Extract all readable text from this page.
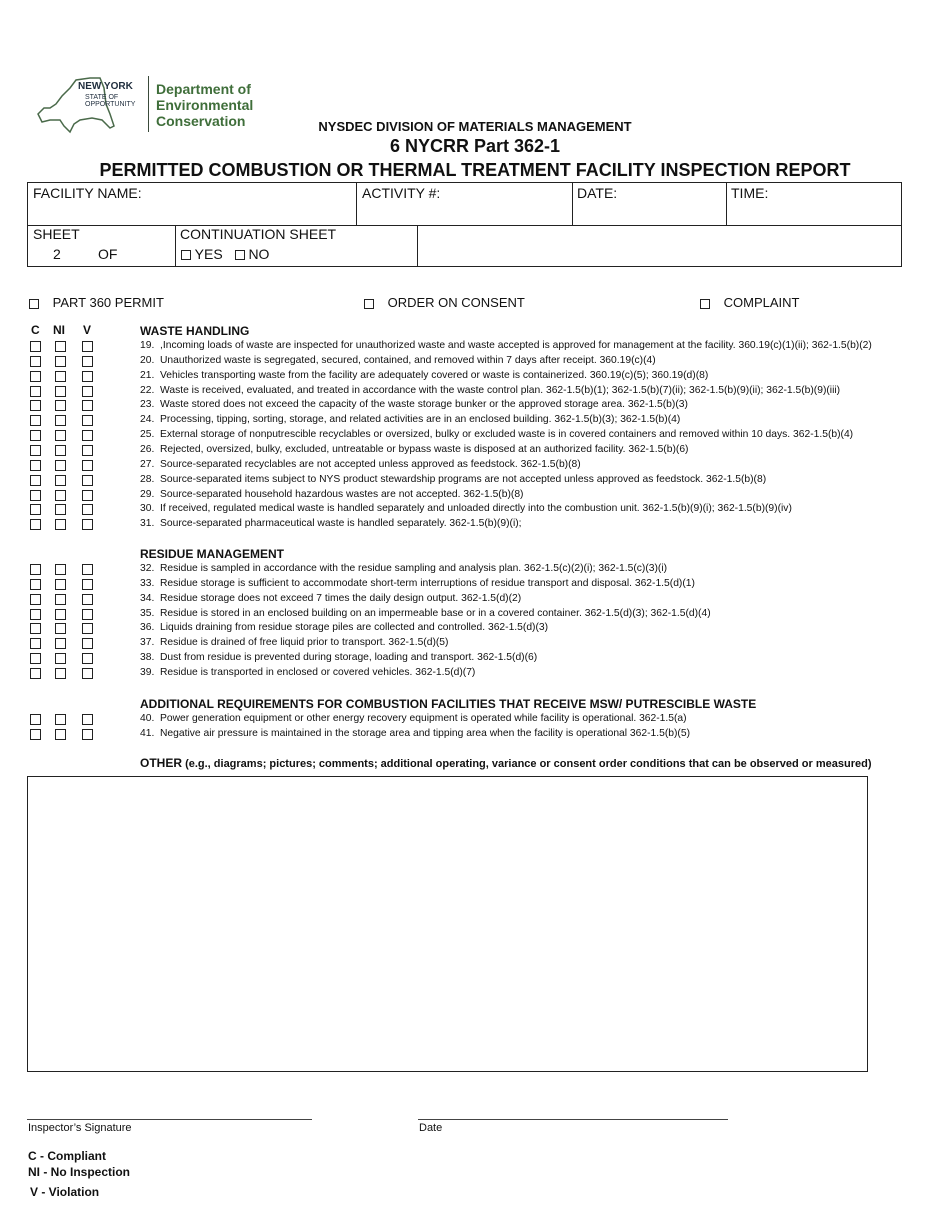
NEW YORK
STATE OF
OPPORTUNITY
Department of
Environmental
Conservation	NYSDEC DIVISION OF MATERIALS MANAGEMENT
6 NYCRR Part 362-1
PERMITTED COMBUSTION OR THERMAL TREATMENT FACILITY INSPECTION REPORT
FACILITY NAME:	ACTIVITY #:	DATE:	TIME:
SHEET
2	OF
CONTINUATION SHEET
YES NO
PART 360 PERMIT	ORDER ON CONSENT	COMPLAINT
C NI V	WASTE HANDLING
RESIDUE MANAGEMENT
ADDITIONAL REQUIREMENTS FOR COMBUSTION FACILITIES THAT RECEIVE MSW/ PUTRESCIBLE WASTE
19. ,Incoming loads of waste are inspected for unauthorized waste and waste accepted is approved for management at the facility. 360.19(c)(1)(ii); 362-1.5(b)(2)
20. Unauthorized waste is segregated, secured, contained, and removed within 7 days after receipt. 360.19(c)(4)
21. Vehicles transporting waste from the facility are adequately covered or waste is containerized. 360.19(c)(5); 360.19(d)(8)
22. Waste is received, evaluated, and treated in accordance with the waste control plan. 362-1.5(b)(1); 362-1.5(b)(7)(ii); 362-1.5(b)(9)(ii); 362-1.5(b)(9)(iii)
23. Waste stored does not exceed the capacity of the waste storage bunker or the approved storage area. 362-1.5(b)(3)
24. Processing, tipping, sorting, storage, and related activities are in an enclosed building. 362-1.5(b)(3); 362-1.5(b)(4)
25. External storage of nonputrescible recyclables or oversized, bulky or excluded waste is in covered containers and removed within 10 days. 362-1.5(b)(4)
26. Rejected, oversized, bulky, excluded, untreatable or bypass waste is disposed at an authorized facility. 362-1.5(b)(6)
27. Source-separated recyclables are not accepted unless approved as feedstock. 362-1.5(b)(8)
28. Source-separated items subject to NYS product stewardship programs are not accepted unless approved as feedstock. 362-1.5(b)(8)
29. Source-separated household hazardous wastes are not accepted. 362-1.5(b)(8)
30. If received, regulated medical waste is handled separately and unloaded directly into the combustion unit. 362-1.5(b)(9)(i); 362-1.5(b)(9)(iv)
31. Source-separated pharmaceutical waste is handled separately. 362-1.5(b)(9)(i);
32. Residue is sampled in accordance with the residue sampling and analysis plan. 362-1.5(c)(2)(i); 362-1.5(c)(3)(i)
33. Residue storage is sufficient to accommodate short-term interruptions of residue transport and disposal. 362-1.5(d)(1)
34. Residue storage does not exceed 7 times the daily design output. 362-1.5(d)(2)
35. Residue is stored in an enclosed building on an impermeable base or in a covered container. 362-1.5(d)(3); 362-1.5(d)(4)
36. Liquids draining from residue storage piles are collected and controlled. 362-1.5(d)(3)
37. Residue is drained of free liquid prior to transport. 362-1.5(d)(5)
38. Dust from residue is prevented during storage, loading and transport. 362-1.5(d)(6)
39. Residue is transported in enclosed or covered vehicles. 362-1.5(d)(7)
40. Power generation equipment or other energy recovery equipment is operated while facility is operational. 362-1.5(a)
41. Negative air pressure is maintained in the storage area and tipping area when the facility is operational 362-1.5(b)(5)
OTHER (e.g., diagrams; pictures; comments; additional operating, variance or consent order conditions that can be observed or measured)
Inspector’s Signature	Date
C - Compliant
NI - No Inspection
V - Violation
